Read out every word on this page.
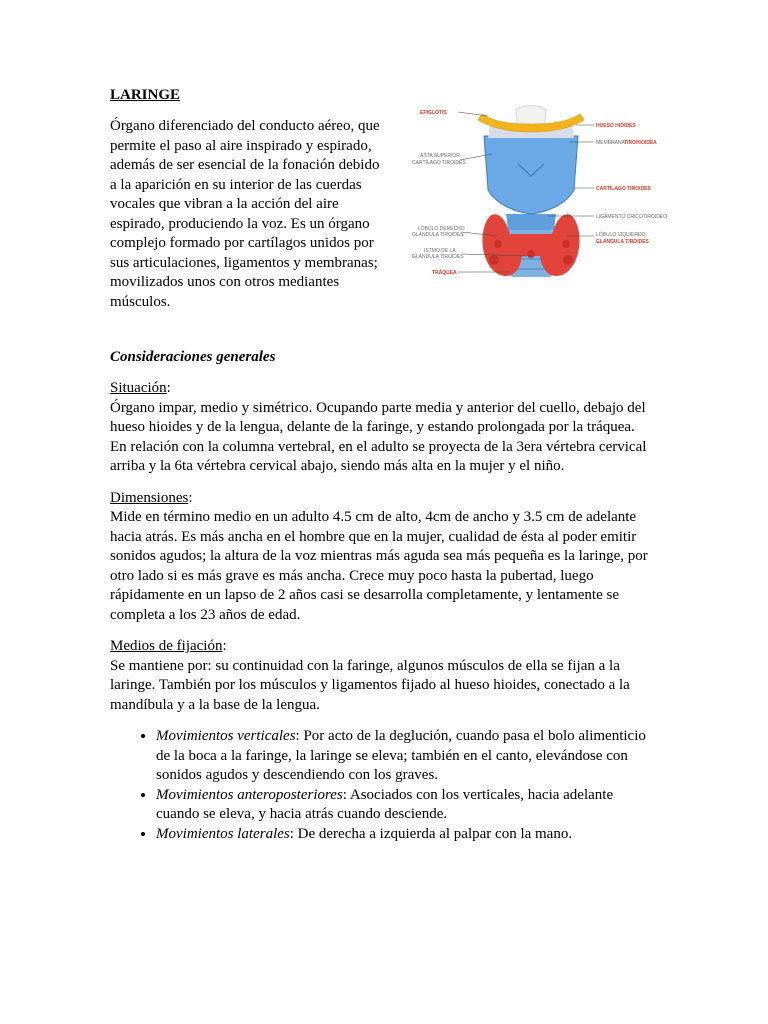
LARINGE

Órgano diferenciado del conducto aéreo, que permite el paso al aire inspirado y espirado, además de ser esencial de la fonación debido a la aparición en su interior de las cuerdas vocales que vibran a la acción del aire espirado, produciendo la voz. Es un órgano complejo formado por cartílagos unidos por sus articulaciones, ligamentos y membranas; movilizados unos con otros mediantes músculos.

EPIGLOTIS
HUESO HIOIDES
MEMBRANA TIROHIOIDEA
ASTA SUPERIOR
CARTÍLAGO TIROIDES
CARTÍLAGO TIROIDES
LIGAMENTO CRICOTIROIDEO
LÓBULO DERECHO
GLÁNDULA TIROIDES	LÓBULO IZQUIERDO
GLÁNDULA TIROIDES
ISTMO DE LA
GLÁNDULA TIROIDES
TRÁQUEA
Consideraciones generales
Situación:

Órgano impar, medio y simétrico. Ocupando parte media y anterior del cuello, debajo del hueso hioides y de la lengua, delante de la faringe, y estando prolongada por la tráquea. En relación con la columna vertebral, en el adulto se proyecta de la 3era vértebra cervical arriba y la 6ta vértebra cervical abajo, siendo más alta en la mujer y el niño.

Dimensiones:

Mide en término medio en un adulto 4.5 cm de alto, 4cm de ancho y 3.5 cm de adelante hacia atrás. Es más ancha en el hombre que en la mujer, cualidad de ésta al poder emitir sonidos agudos; la altura de la voz mientras más aguda sea más pequeña es la laringe, por otro lado si es más grave es más ancha. Crece muy poco hasta la pubertad, luego rápidamente en un lapso de 2 años casi se desarrolla completamente, y lentamente se completa a los 23 años de edad.

Medios de fijación:

Se mantiene por: su continuidad con la faringe, algunos músculos de ella se fijan a la laringe. También por los músculos y ligamentos fijado al hueso hioides, conectado a la mandíbula y a la base de la lengua.

• Movimientos verticales: Por acto de la deglución, cuando pasa el bolo alimenticio de la boca a la faringe, la laringe se eleva; también en el canto, elevándose con sonidos agudos y descendiendo con los graves.
• Movimientos anteroposteriores: Asociados con los verticales, hacia adelante cuando se eleva, y hacia atrás cuando desciende.
• Movimientos laterales: De derecha a izquierda al palpar con la mano.
